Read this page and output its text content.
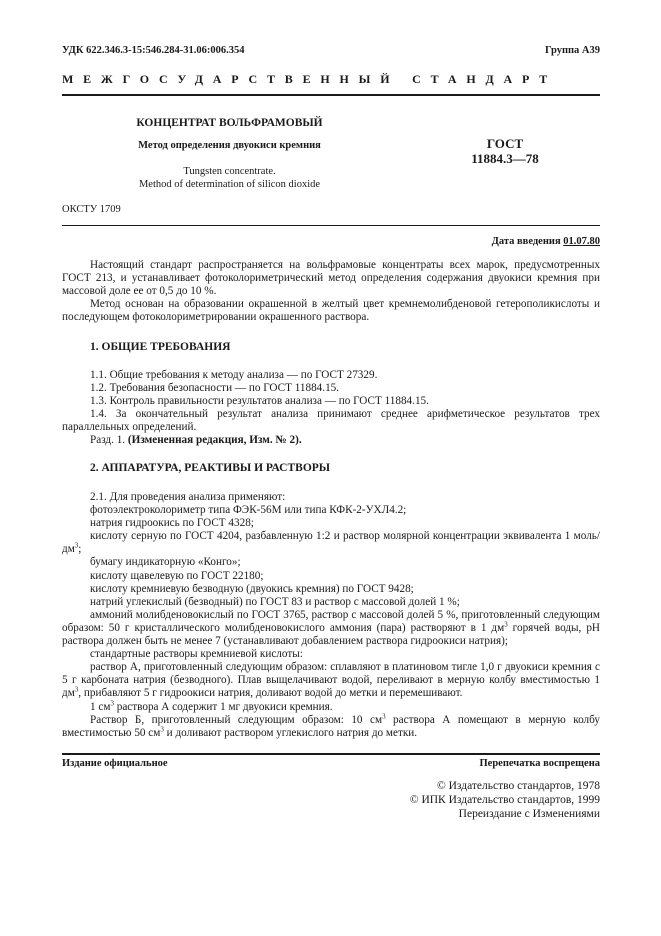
УДК 622.346.3-15:546.284-31.06:006.354	Группа А39
МЕЖГОСУДАРСТВЕННЫЙ СТАНДАРТ
КОНЦЕНТРАТ ВОЛЬФРАМОВЫЙ
Метод определения двуокиси кремния
Tungsten concentrate.
Method of determination of silicon dioxide
ГОСТ
11884.3—78
ОКСТУ 1709
Дата введения 01.07.80

Настоящий стандарт распространяется на вольфрамовые концентраты всех марок, предусмотренных ГОСТ 213, и устанавливает фотоколориметрический метод определения содержания двуокиси кремния при массовой доле ее от 0,5 до 10 %.

Метод основан на образовании окрашенной в желтый цвет кремнемолибденовой гетерополикислоты и последующем фотоколориметрировании окрашенного раствора.

1. ОБЩИЕ ТРЕБОВАНИЯ

1.1. Общие требования к методу анализа — по ГОСТ 27329.

1.2. Требования безопасности — по ГОСТ 11884.15.

1.3. Контроль правильности результатов анализа — по ГОСТ 11884.15.

1.4. За окончательный результат анализа принимают среднее арифметическое результатов трех параллельных определений.

Разд. 1. (Измененная редакция, Изм. № 2).

2. АППАРАТУРА, РЕАКТИВЫ И РАСТВОРЫ

2.1. Для проведения анализа применяют:

фотоэлектроколориметр типа ФЭК-56М или типа КФК-2-УХЛ4.2;

натрия гидроокись по ГОСТ 4328;

кислоту серную по ГОСТ 4204, разбавленную 1:2 и раствор молярной концентрации эквивалента 1 моль/$дм^3$;

бумагу индикаторную «Конго»;

кислоту щавелевую по ГОСТ 22180;

кислоту кремниевую безводную (двуокись кремния) по ГОСТ 9428;

натрий углекислый (безводный) по ГОСТ 83 и раствор с массовой долей 1 %;

аммоний молибденовокислый по ГОСТ 3765, раствор с массовой долей 5 %, приготовленный следующим образом: 50 г кристаллического молибденовокислого аммония (пара) растворяют в 1 $дм^3$ горячей воды, pH раствора должен быть не менее 7 (устанавливают добавлением раствора гидроокиси натрия);

стандартные растворы кремниевой кислоты:

раствор А, приготовленный следующим образом: сплавляют в платиновом тигле 1,0 г двуокиси кремния с 5 г карбоната натрия (безводного). Плав выщелачивают водой, переливают в мерную колбу вместимостью 1 $дм^3$, прибавляют 5 г гидроокиси натрия, доливают водой до метки и перемешивают.

1 $см^3$ раствора А содержит 1 мг двуокиси кремния.

Раствор Б, приготовленный следующим образом: 10 $см^3$ раствора А помещают в мерную колбу вместимостью 50 $см^3$ и доливают раствором углекислого натрия до метки.

Издание официальное	Перепечатка воспрещена
© Издательство стандартов, 1978
© ИПК Издательство стандартов, 1999
Переиздание с Изменениями
